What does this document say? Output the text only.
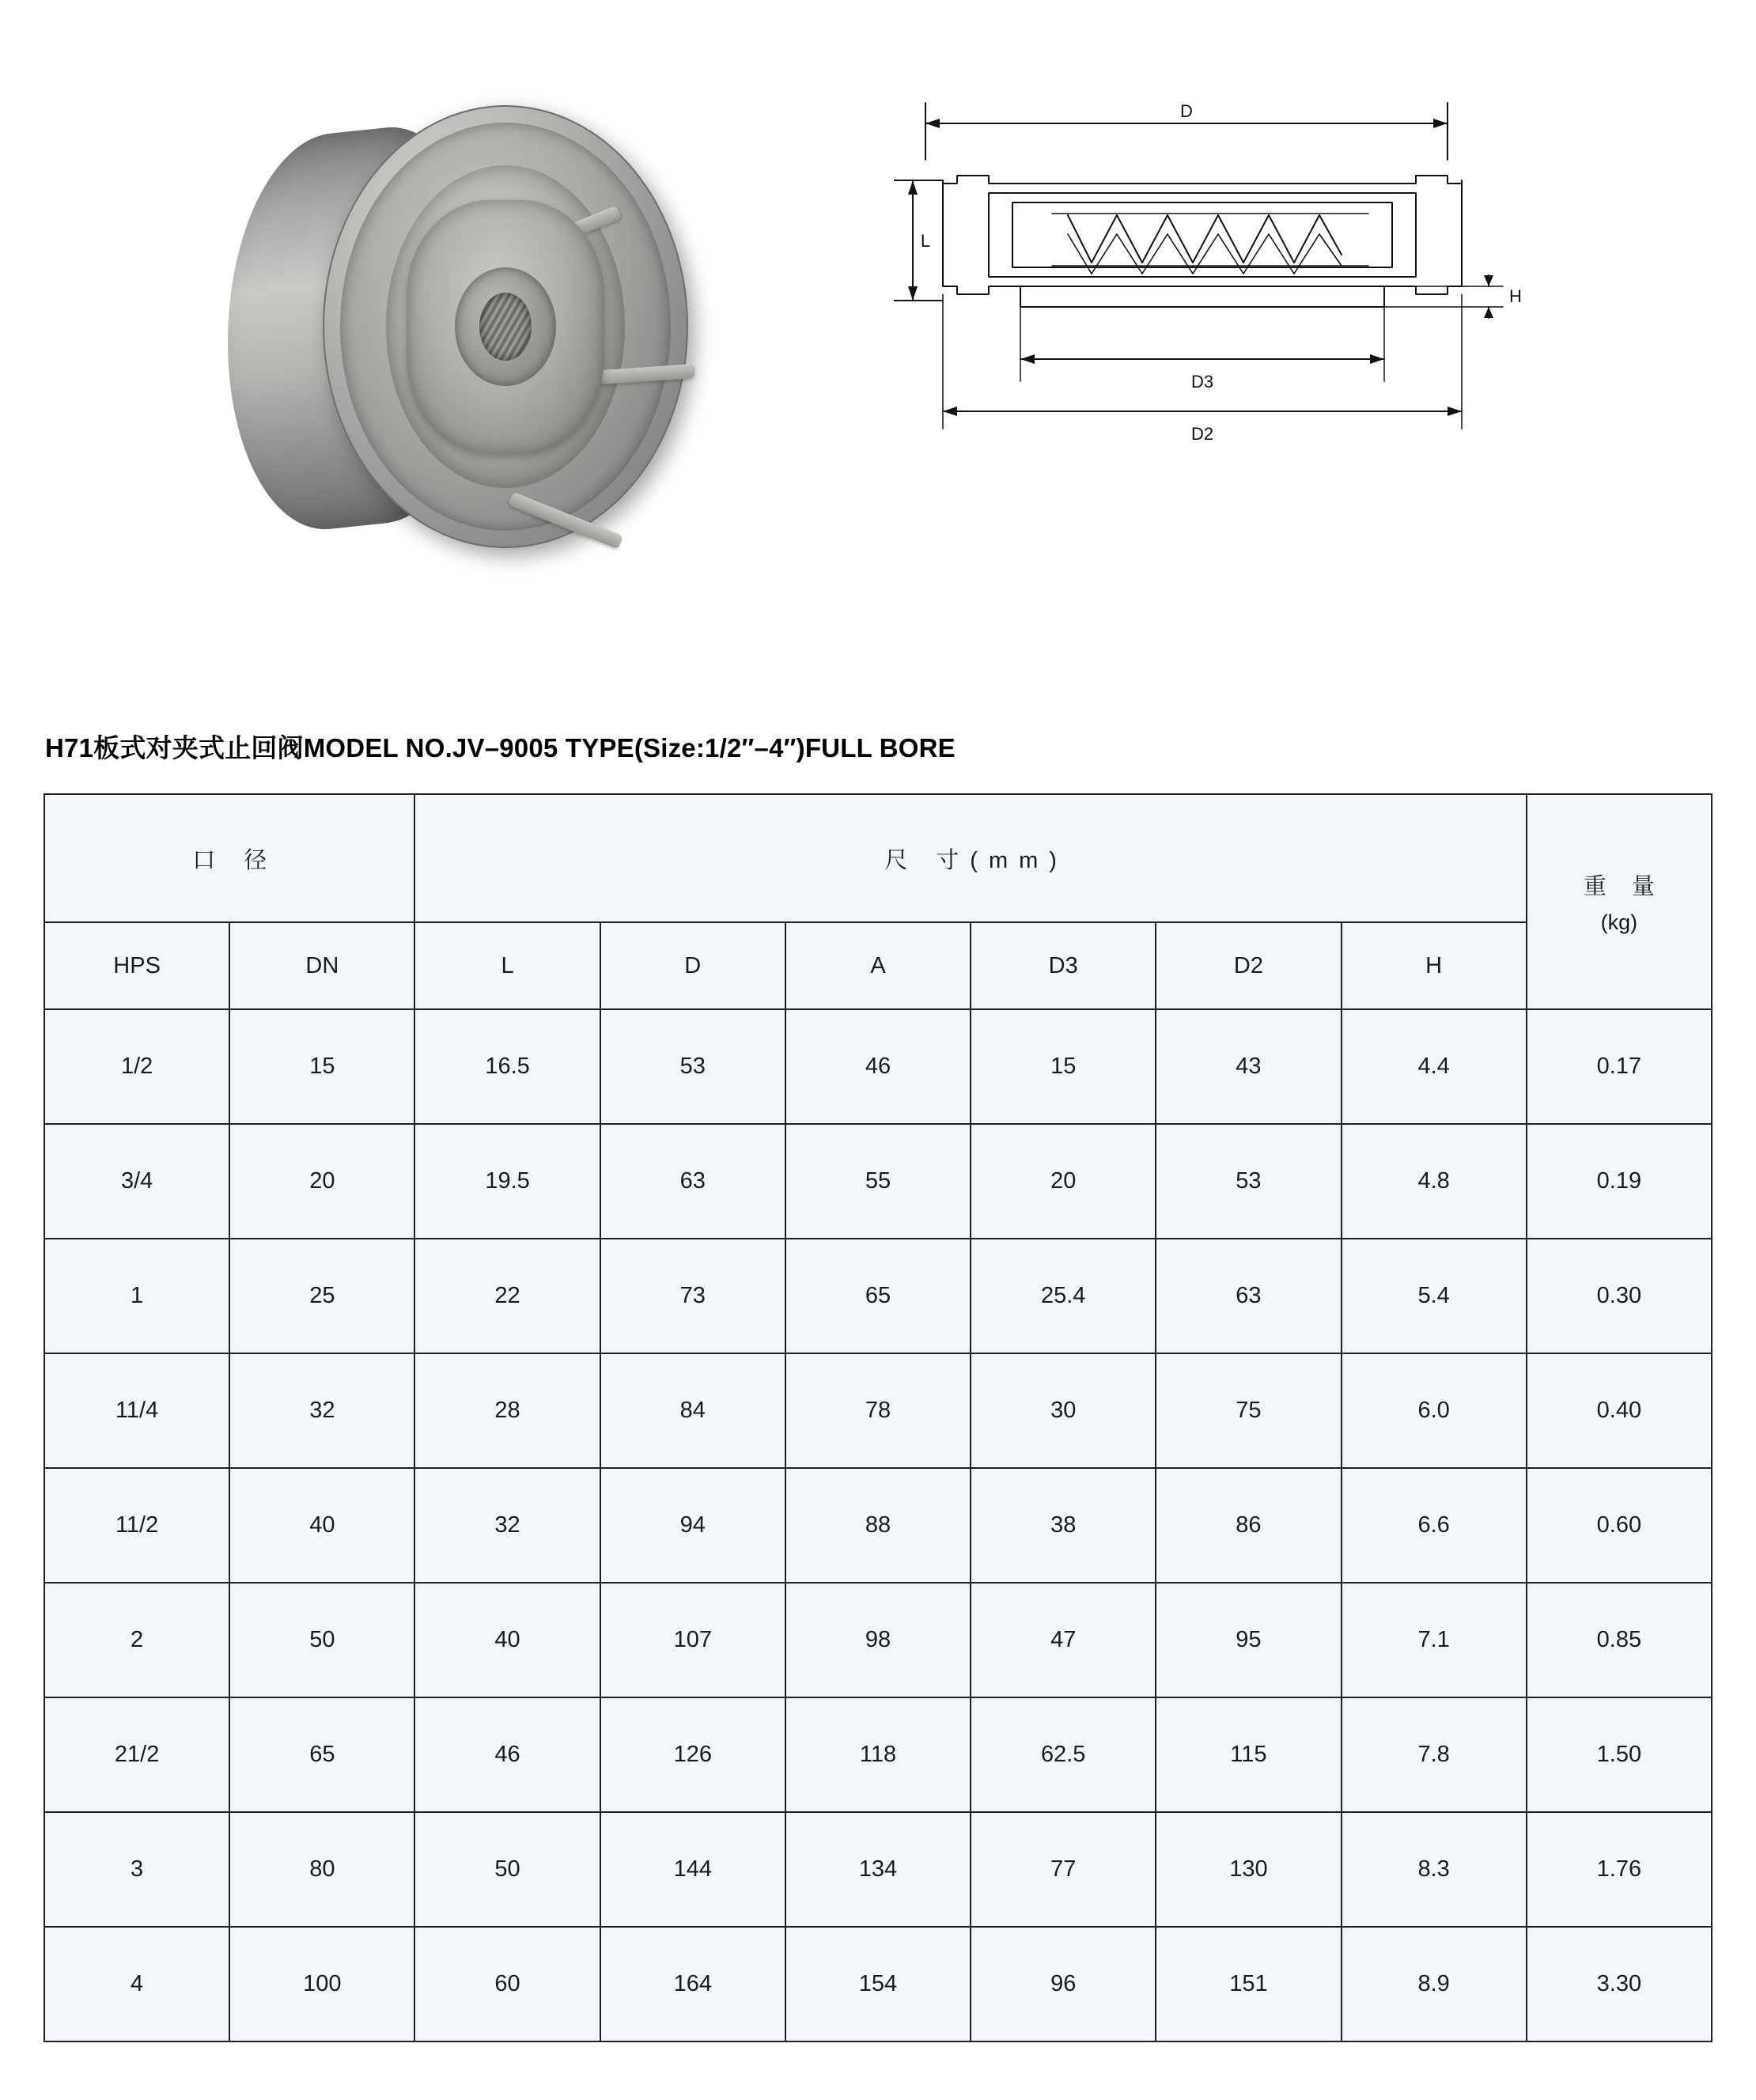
D
L
H
D3
D2
H71板式对夹式止回阀MODEL NO.JV–9005 TYPE(Size:1/2″–4″)FULL BORE
口 径		尺 寸(mm)						重 量
(kg)

HPS	DN	L	D	A	D3	D2	H	
1/2	15	16.5	53	46	15	43	4.4	0.17
3/4	20	19.5	63	55	20	53	4.8	0.19
1	25	22	73	65	25.4	63	5.4	0.30
11/4	32	28	84	78	30	75	6.0	0.40
11/2	40	32	94	88	38	86	6.6	0.60
2	50	40	107	98	47	95	7.1	0.85
21/2	65	46	126	118	62.5	115	7.8	1.50
3	80	50	144	134	77	130	8.3	1.76
4	100	60	164	154	96	151	8.9	3.30
